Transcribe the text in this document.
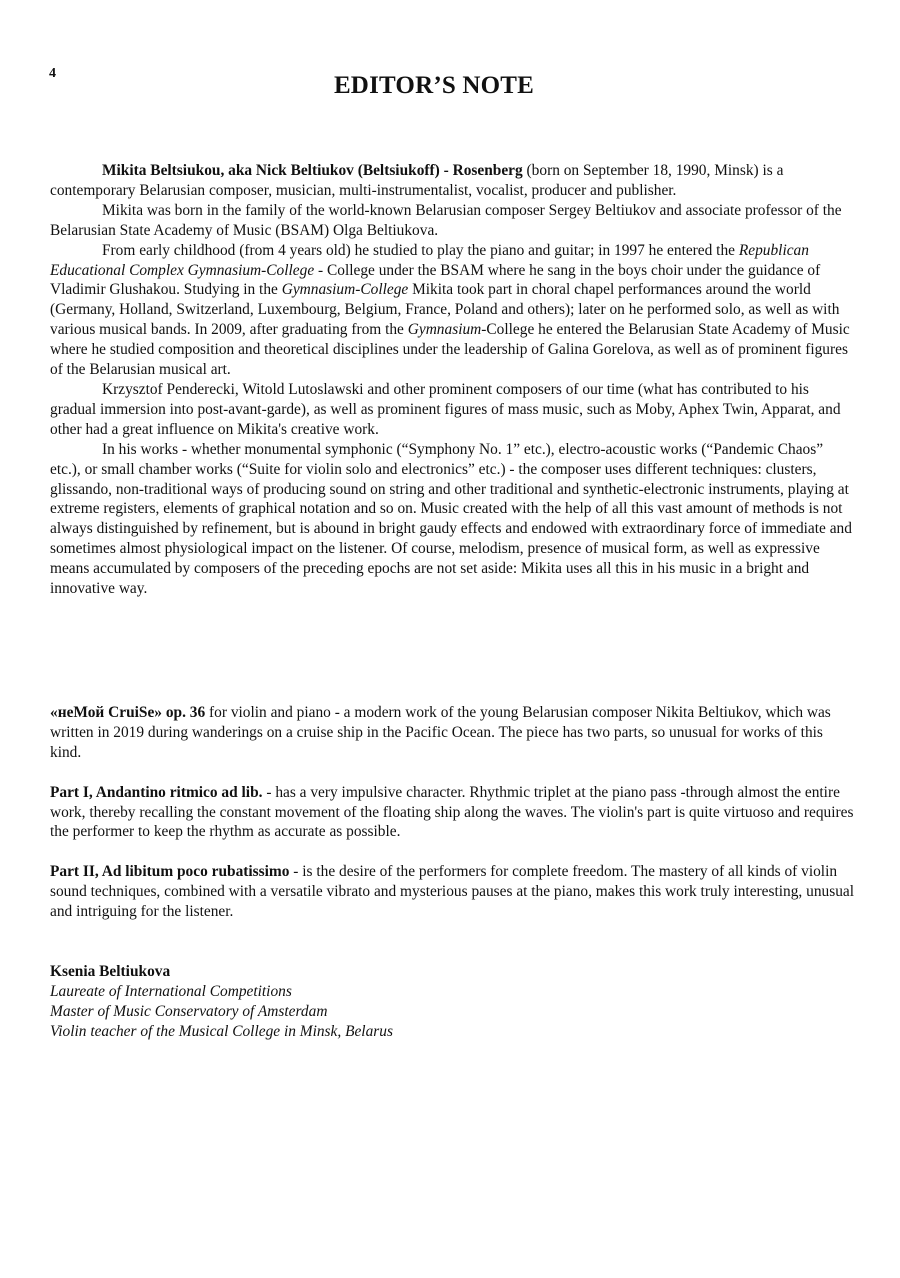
4	EDITOR’S NOTE

Mikita Beltsiukou, aka Nick Beltiukov (Beltsiukoff) - Rosenberg (born on September 18, 1990, Minsk) is a contemporary Belarusian composer, musician, multi-instrumentalist, vocalist, producer and publisher.

Mikita was born in the family of the world-known Belarusian composer Sergey Beltiukov and associate professor of the Belarusian State Academy of Music (BSAM) Olga Beltiukova.

From early childhood (from 4 years old) he studied to play the piano and guitar; in 1997 he entered the Republican Educational Complex Gymnasium-College - College under the BSAM where he sang in the boys choir under the guidance of Vladimir Glushakou. Studying in the Gymnasium-College Mikita took part in choral chapel performances around the world (Germany, Holland, Switzerland, Luxembourg, Belgium, France, Poland and others); later on he performed solo, as well as with various musical bands. In 2009, after graduating from the Gymnasium-College he entered the Belarusian State Academy of Music where he studied composition and theoretical disciplines under the leadership of Galina Gorelova, as well as of prominent figures of the Belarusian musical art.

Krzysztof Penderecki, Witold Lutoslawski and other prominent composers of our time (what has contributed to his gradual immersion into post-avant-garde), as well as prominent figures of mass music, such as Moby, Aphex Twin, Apparat, and other had a great influence on Mikita's creative work.

In his works - whether monumental symphonic (“Symphony No. 1” etc.), electro-acoustic works (“Pandemic Chaos” etc.), or small chamber works (“Suite for violin solo and electronics” etc.) - the composer uses different techniques: clusters, glissando, non-traditional ways of producing sound on string and other traditional and synthetic-electronic instruments, playing at extreme registers, elements of graphical notation and so on. Music created with the help of all this vast amount of methods is not always distinguished by refinement, but is abound in bright gaudy effects and endowed with extraordinary force of immediate and sometimes almost physiological impact on the listener. Of course, melodism, presence of musical form, as well as expressive means accumulated by composers of the preceding epochs are not set aside: Mikita uses all this in his music in a bright and innovative way.

«неМой CruiSe» op. 36 for violin and piano - a modern work of the young Belarusian composer Nikita Beltiukov, which was written in 2019 during wanderings on a cruise ship in the Pacific Ocean. The piece has two parts, so unusual for works of this kind.

Part I, Andantino ritmico ad lib. - has a very impulsive character. Rhythmic triplet at the piano pass -through almost the entire work, thereby recalling the constant movement of the floating ship along the waves. The violin's part is quite virtuoso and requires the performer to keep the rhythm as accurate as possible.

Part II, Ad libitum poco rubatissimo - is the desire of the performers for complete freedom. The mastery of all kinds of violin sound techniques, combined with a versatile vibrato and mysterious pauses at the piano, makes this work truly interesting, unusual and intriguing for the listener.

Ksenia Beltiukova
Laureate of International Competitions
Master of Music Conservatory of Amsterdam
Violin teacher of the Musical College in Minsk, Belarus
